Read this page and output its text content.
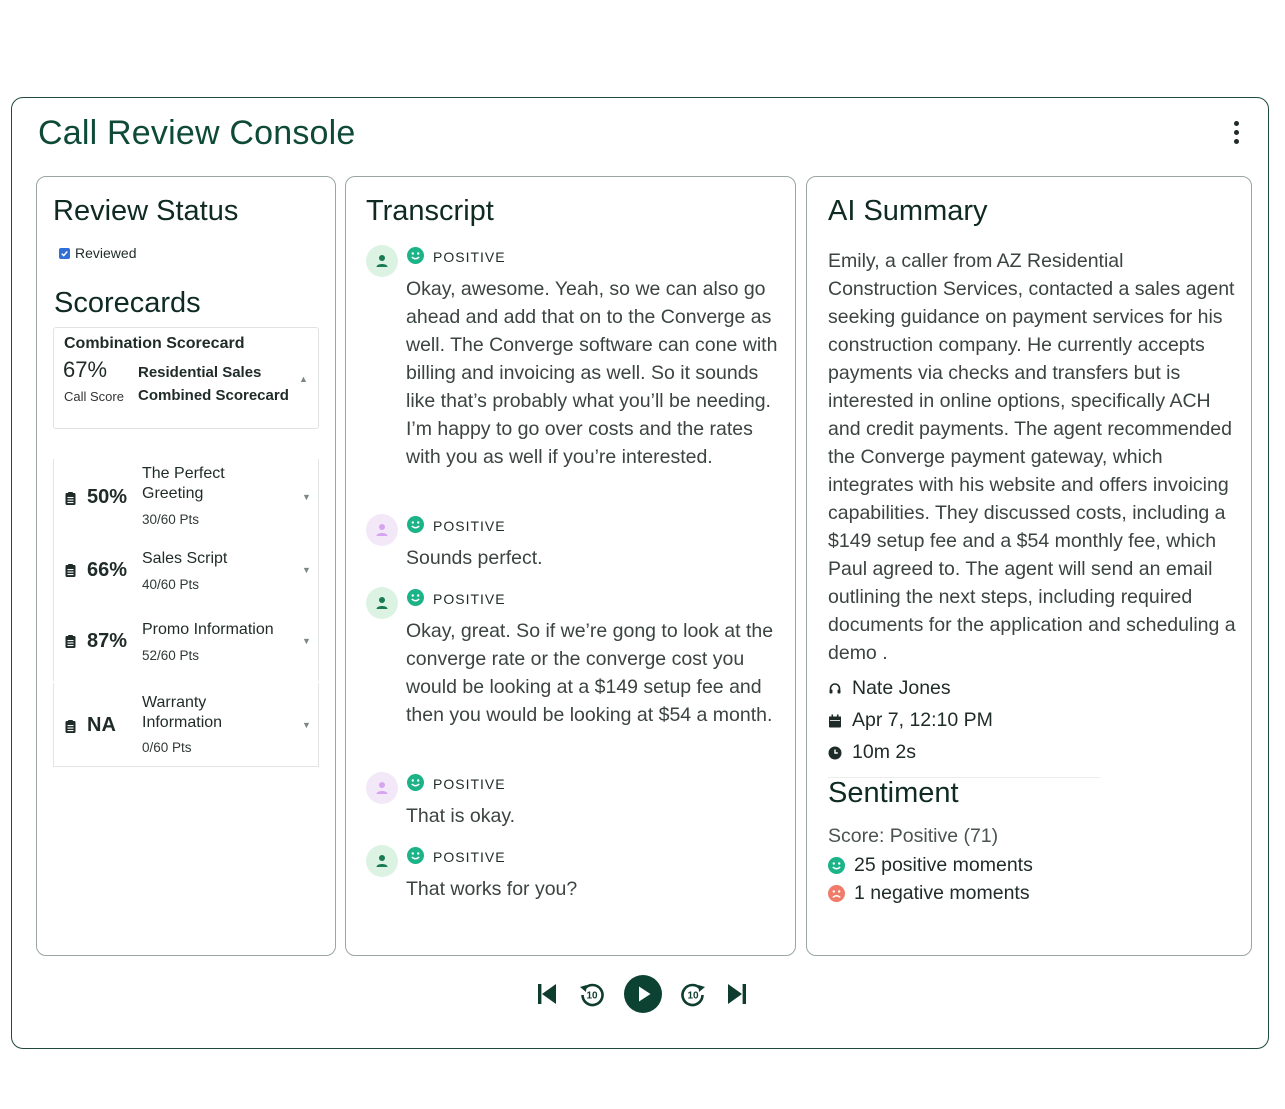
Call Review Console
Review Status
Reviewed
Scorecards
Combination Scorecard
67%
Call Score
Residential Sales
Combined Scorecard
▲
50%
The Perfect
Greeting
30/60 Pts
▼
66%
Sales Script
40/60 Pts
▼
87%
Promo Information
52/60 Pts
▼
NA
Warranty
Information
0/60 Pts
▼
Transcript
POSITIVE
Okay, awesome. Yeah, so we can also go ahead and add that on to the Converge as well. The Converge software can cone with billing and invoicing as well. So it sounds like that’s probably what you’ll be needing. I’m happy to go over costs and the rates with you as well if you’re interested.
POSITIVE
Sounds perfect.
POSITIVE
Okay, great. So if we’re gong to look at the converge rate or the converge cost you would be looking at a $149 setup fee and then you would be looking at $54 a month.
POSITIVE
That is okay.
POSITIVE
That works for you?
AI Summary

Emily, a caller from AZ Residential Construction Services, contacted a sales agent seeking guidance on payment services for his construction company. He currently accepts payments via checks and transfers but is interested in online options, specifically ACH and credit payments. The agent recommended the Converge payment gateway, which integrates with his website and offers invoicing capabilities. They discussed costs, including a $149 setup fee and a $54 monthly fee, which Paul agreed to. The agent will send an email outlining the next steps, including required documents for the application and scheduling a demo .

Nate Jones
Apr 7, 12:10 PM
10m 2s
Sentiment
Score: Positive (71)
25 positive moments
1 negative moments
10	10
